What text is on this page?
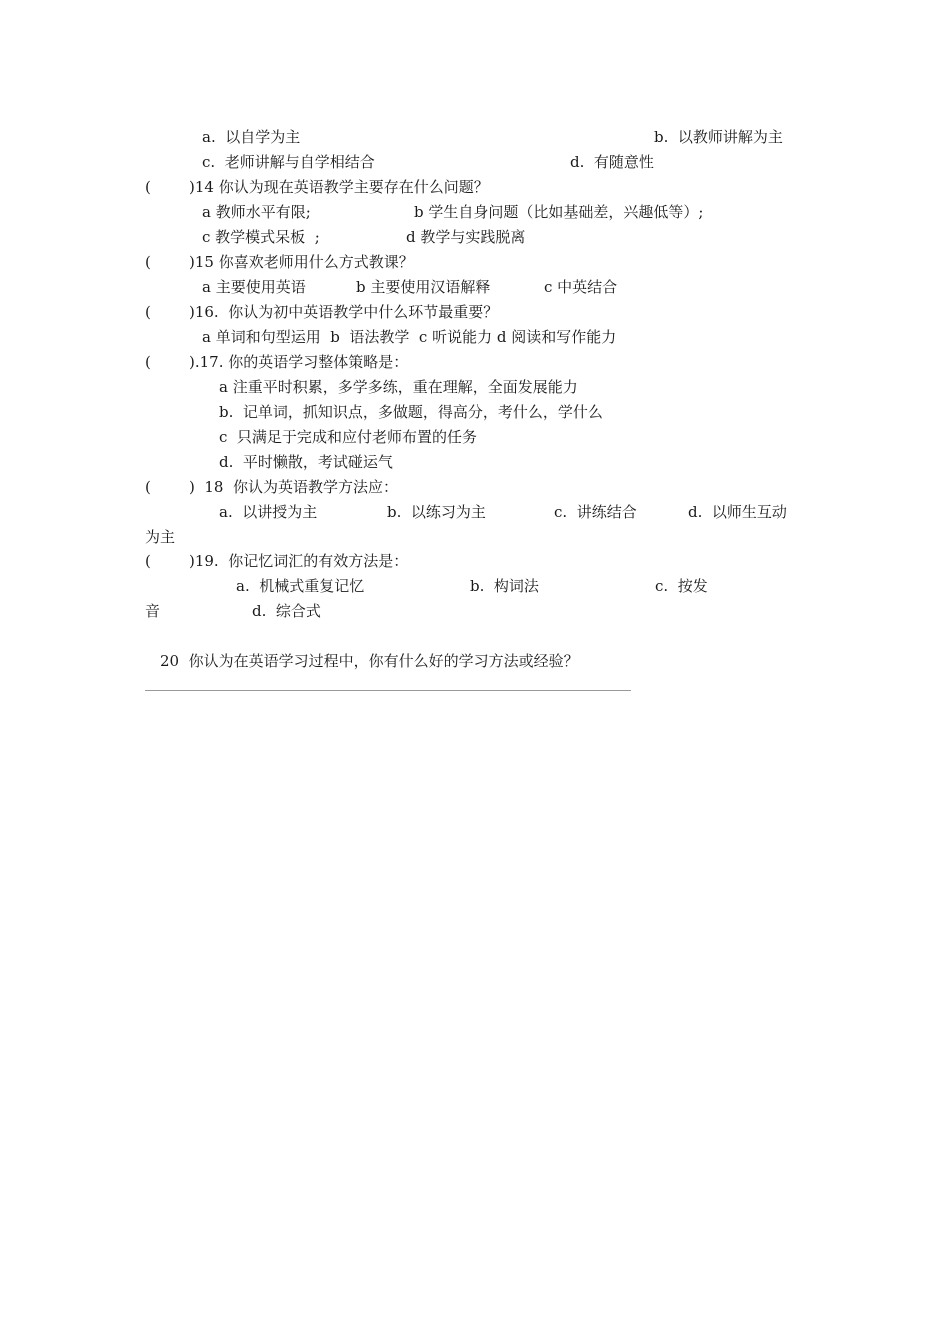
a.  以自学为主	b.  以教师讲解为主
c.  老师讲解与自学相结合	d.  有随意性
(        )14 你认为现在英语教学主要存在什么问题？
a 教师水平有限;	b 学生自身问题（比如基础差，兴趣低等）;
c 教学模式呆板  ;	d 教学与实践脱离
(        )15 你喜欢老师用什么方式教课？
a 主要使用英语	b 主要使用汉语解释	c 中英结合
(        )16.  你认为初中英语教学中什么环节最重要？
a 单词和句型运用  b  语法教学  c 听说能力 d 阅读和写作能力
(        ).17. 你的英语学习整体策略是：
a 注重平时积累，多学多练，重在理解，全面发展能力
b.  记单词，抓知识点，多做题，得高分，考什么，学什么
c  只满足于完成和应付老师布置的任务
d.  平时懒散，考试碰运气
(        )  18  你认为英语教学方法应：
a.  以讲授为主	b.  以练习为主	c.  讲练结合	d.  以师生互动
为主
(        )19.  你记忆词汇的有效方法是：
a.  机械式重复记忆	b.  构词法	c.  按发
音	d.  综合式
20  你认为在英语学习过程中，你有什么好的学习方法或经验？
